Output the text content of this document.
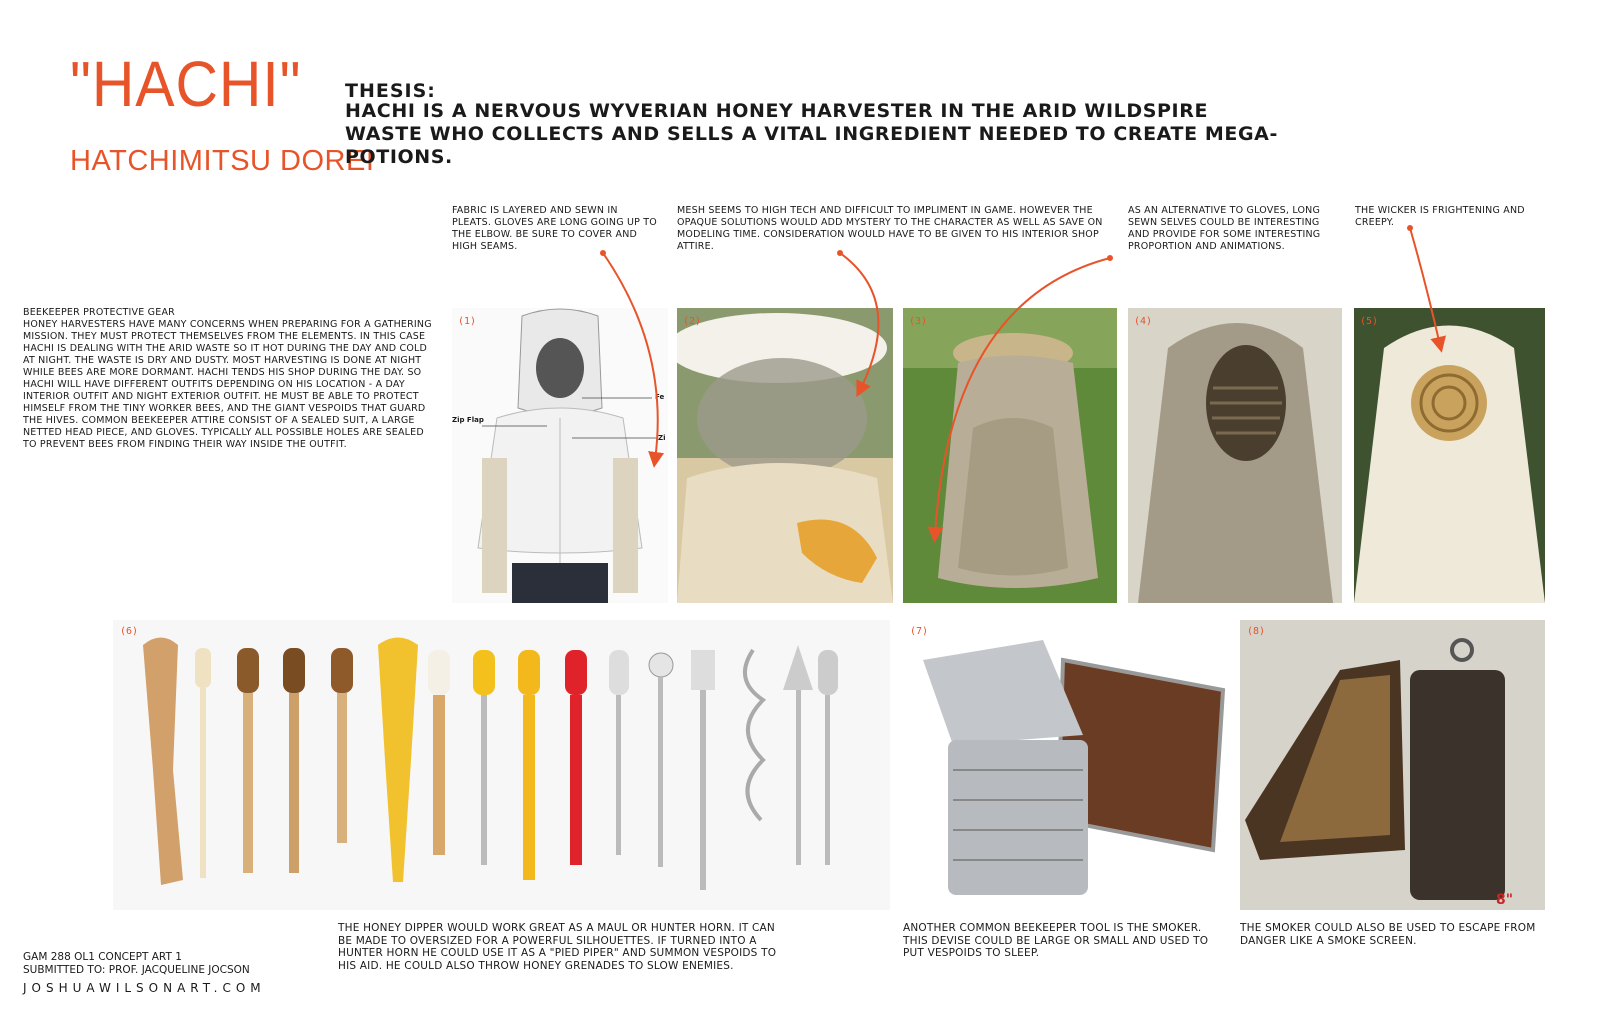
"HACHI"
HATCHIMITSU DOREI
THESIS:
HACHI IS A NERVOUS WYVERIAN HONEY HARVESTER IN THE ARID WILDSPIRE WASTE WHO COLLECTS AND SELLS A VITAL INGREDIENT NEEDED TO CREATE MEGA-POTIONS.
BEEKEEPER PROTECTIVE GEAR
HONEY HARVESTERS HAVE MANY CONCERNS WHEN PREPARING FOR A GATHERING MISSION. THEY MUST PROTECT THEMSELVES FROM THE ELEMENTS. IN THIS CASE HACHI IS DEALING WITH THE ARID WASTE SO IT HOT DURING THE DAY AND COLD AT NIGHT. THE WASTE IS DRY AND DUSTY. MOST HARVESTING IS DONE AT NIGHT WHILE BEES ARE MORE DORMANT. HACHI TENDS HIS SHOP DURING THE DAY. SO HACHI WILL HAVE DIFFERENT OUTFITS DEPENDING ON HIS LOCATION - A DAY INTERIOR OUTFIT AND NIGHT EXTERIOR OUTFIT. HE MUST BE ABLE TO PROTECT HIMSELF FROM THE TINY WORKER BEES, AND THE GIANT VESPOIDS THAT GUARD THE HIVES. COMMON BEEKEEPER ATTIRE CONSIST OF A SEALED SUIT, A LARGE NETTED HEAD PIECE, AND GLOVES. TYPICALLY ALL POSSIBLE HOLES ARE SEALED TO PREVENT BEES FROM FINDING THEIR WAY INSIDE THE OUTFIT.
FABRIC IS LAYERED AND SEWN IN PLEATS. GLOVES ARE LONG GOING UP TO THE ELBOW. BE SURE TO COVER AND HIGH SEAMS.
MESH SEEMS TO HIGH TECH AND DIFFICULT TO IMPLIMENT IN GAME. HOWEVER THE OPAQUE SOLUTIONS WOULD ADD MYSTERY TO THE CHARACTER AS WELL AS SAVE ON MODELING TIME. CONSIDERATION WOULD HAVE TO BE GIVEN TO HIS INTERIOR SHOP ATTIRE.
AS AN ALTERNATIVE TO GLOVES, LONG SEWN SELVES COULD BE INTERESTING AND PROVIDE FOR SOME INTERESTING PROPORTION AND ANIMATIONS.
THE WICKER IS FRIGHTENING AND CREEPY.
(1)
Zip Flap
Fe
Zi
(2)	(3)	(4)	(5)
(6)	(7)	(8)
8"
THE HONEY DIPPER WOULD WORK GREAT AS A MAUL OR HUNTER HORN. IT CAN BE MADE TO OVERSIZED FOR A POWERFUL SILHOUETTES. IF TURNED INTO A HUNTER HORN HE COULD USE IT AS A "PIED PIPER" AND SUMMON VESPOIDS TO HIS AID. HE COULD ALSO THROW HONEY GRENADES TO SLOW ENEMIES.
ANOTHER COMMON BEEKEEPER TOOL IS THE SMOKER. THIS DEVISE COULD BE LARGE OR SMALL AND USED TO PUT VESPOIDS TO SLEEP.
THE SMOKER COULD ALSO BE USED TO ESCAPE FROM DANGER LIKE A SMOKE SCREEN.
GAM 288 OL1 CONCEPT ART 1
SUBMITTED TO: PROF. JACQUELINE JOCSON
JOSHUAWILSONART.COM
